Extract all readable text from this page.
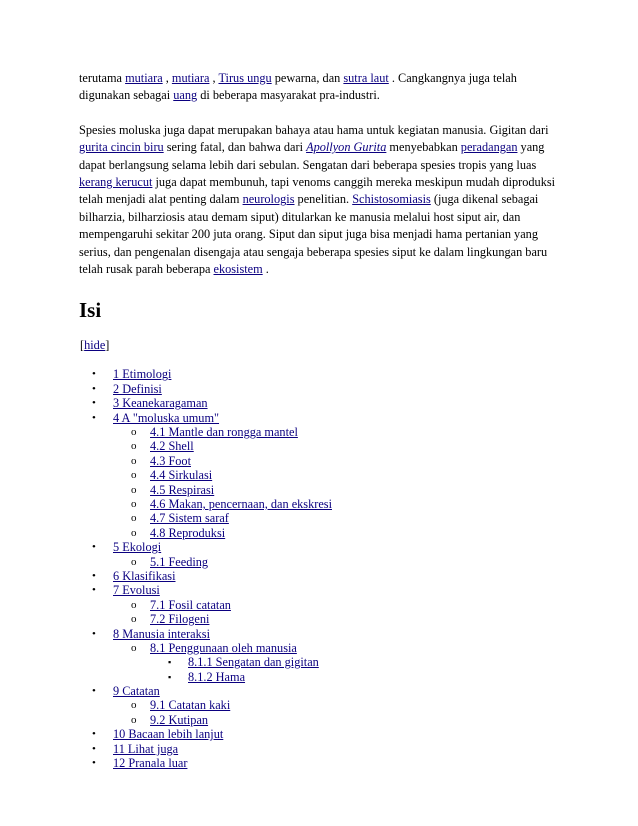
terutama mutiara , mutiara , Tirus ungu pewarna, dan sutra laut . Cangkangnya juga telah digunakan sebagai uang di beberapa masyarakat pra-industri.

Spesies moluska juga dapat merupakan bahaya atau hama untuk kegiatan manusia. Gigitan dari gurita cincin biru sering fatal, dan bahwa dari Apollyon Gurita menyebabkan peradangan yang dapat berlangsung selama lebih dari sebulan. Sengatan dari beberapa spesies tropis yang luas kerang kerucut juga dapat membunuh, tapi venoms canggih mereka meskipun mudah diproduksi telah menjadi alat penting dalam neurologis penelitian. Schistosomiasis (juga dikenal sebagai bilharzia, bilharziosis atau demam siput) ditularkan ke manusia melalui host siput air, dan mempengaruhi sekitar 200 juta orang. Siput dan siput juga bisa menjadi hama pertanian yang serius, dan pengenalan disengaja atau sengaja beberapa spesies siput ke dalam lingkungan baru telah rusak parah beberapa ekosistem .

Isi
[hide]
• 1 Etimologi
• 2 Definisi
• 3 Keanekaragaman
• 4 A "moluska umum"
o 4.1 Mantle dan rongga mantel
o 4.2 Shell
o 4.3 Foot
o 4.4 Sirkulasi
o 4.5 Respirasi
o 4.6 Makan, pencernaan, dan ekskresi
o 4.7 Sistem saraf
o 4.8 Reproduksi
• 5 Ekologi
o 5.1 Feeding
• 6 Klasifikasi
• 7 Evolusi
o 7.1 Fosil catatan
o 7.2 Filogeni
• 8 Manusia interaksi
o 8.1 Penggunaan oleh manusia
▪ 8.1.1 Sengatan dan gigitan
▪ 8.1.2 Hama
• 9 Catatan
o 9.1 Catatan kaki
o 9.2 Kutipan
• 10 Bacaan lebih lanjut
• 11 Lihat juga
• 12 Pranala luar
